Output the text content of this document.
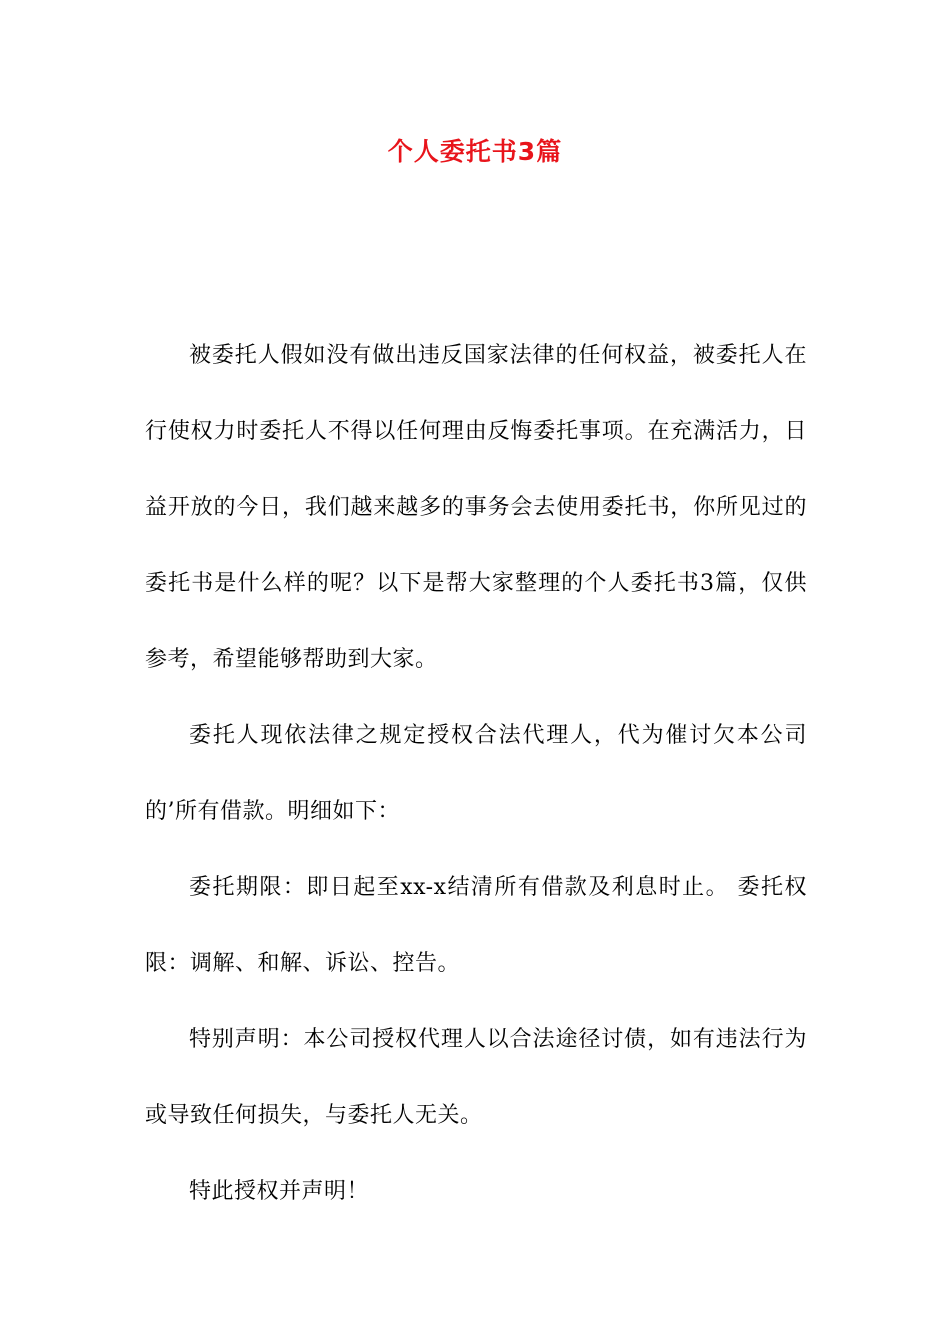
个人委托书3篇

被委托人假如没有做出违反国家法律的任何权益，被委托人在行使权力时委托人不得以任何理由反悔委托事项。在充满活力，日益开放的今日，我们越来越多的事务会去使用委托书，你所见过的委托书是什么样的呢？以下是帮大家整理的个人委托书3篇，仅供参考，希望能够帮助到大家。

委托人现依法律之规定授权合法代理人，代为催讨欠本公司的’所有借款。明细如下：

委托期限：即日起至xx-x结清所有借款及利息时止。 委托权限：调解、和解、诉讼、控告。

特别声明：本公司授权代理人以合法途径讨债，如有违法行为或导致任何损失，与委托人无关。

特此授权并声明！
